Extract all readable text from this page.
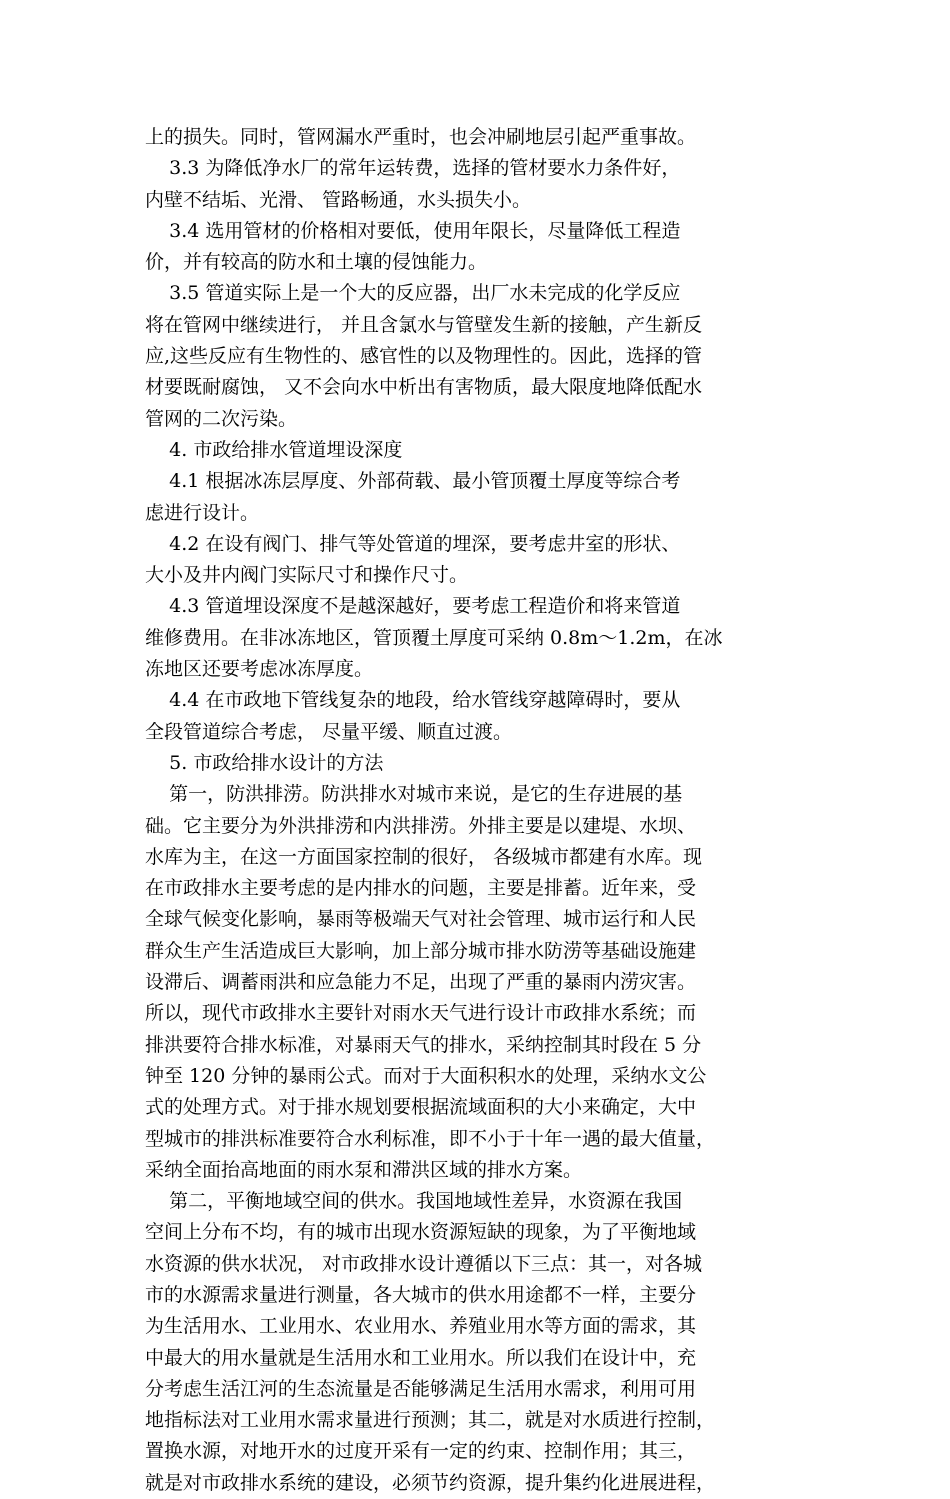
上的损失。同时，管网漏水严重时，也会冲刷地层引起严重事故。
3.3 为降低净水厂的常年运转费，选择的管材要水力条件好，
内壁不结垢、光滑、 管路畅通，水头损失小。
3.4 选用管材的价格相对要低，使用年限长，尽量降低工程造
价，并有较高的防水和土壤的侵蚀能力。
3.5 管道实际上是一个大的反应器，出厂水未完成的化学反应
将在管网中继续进行， 并且含氯水与管壁发生新的接触，产生新反
应,这些反应有生物性的、感官性的以及物理性的。因此，选择的管
材要既耐腐蚀， 又不会向水中析出有害物质，最大限度地降低配水
管网的二次污染。
4. 市政给排水管道埋设深度
4.1 根据冰冻层厚度、外部荷载、最小管顶覆土厚度等综合考
虑进行设计。
4.2 在设有阀门、排气等处管道的埋深，要考虑井室的形状、
大小及井内阀门实际尺寸和操作尺寸。
4.3 管道埋设深度不是越深越好，要考虑工程造价和将来管道
维修费用。在非冰冻地区，管顶覆土厚度可采纳 0.8m～1.2m，在冰
冻地区还要考虑冰冻厚度。
4.4 在市政地下管线复杂的地段，给水管线穿越障碍时，要从
全段管道综合考虑， 尽量平缓、顺直过渡。
5. 市政给排水设计的方法
第一，防洪排涝。防洪排水对城市来说，是它的生存进展的基
础。它主要分为外洪排涝和内洪排涝。外排主要是以建堤、水坝、
水库为主，在这一方面国家控制的很好， 各级城市都建有水库。现
在市政排水主要考虑的是内排水的问题，主要是排蓄。近年来，受
全球气候变化影响，暴雨等极端天气对社会管理、城市运行和人民
群众生产生活造成巨大影响，加上部分城市排水防涝等基础设施建
设滞后、调蓄雨洪和应急能力不足，出现了严重的暴雨内涝灾害。
所以，现代市政排水主要针对雨水天气进行设计市政排水系统；而
排洪要符合排水标准，对暴雨天气的排水，采纳控制其时段在 5 分
钟至 120 分钟的暴雨公式。而对于大面积积水的处理，采纳水文公
式的处理方式。对于排水规划要根据流域面积的大小来确定，大中
型城市的排洪标准要符合水利标准，即不小于十年一遇的最大值量，
采纳全面抬高地面的雨水泵和滞洪区域的排水方案。
第二，平衡地域空间的供水。我国地域性差异，水资源在我国
空间上分布不均，有的城市出现水资源短缺的现象，为了平衡地域
水资源的供水状况， 对市政排水设计遵循以下三点：其一，对各城
市的水源需求量进行测量，各大城市的供水用途都不一样，主要分
为生活用水、工业用水、农业用水、养殖业用水等方面的需求，其
中最大的用水量就是生活用水和工业用水。所以我们在设计中，充
分考虑生活江河的生态流量是否能够满足生活用水需求，利用可用
地指标法对工业用水需求量进行预测；其二，就是对水质进行控制，
置换水源，对地开水的过度开采有一定的约束、控制作用；其三，
就是对市政排水系统的建设，必须节约资源，提升集约化进展进程，
